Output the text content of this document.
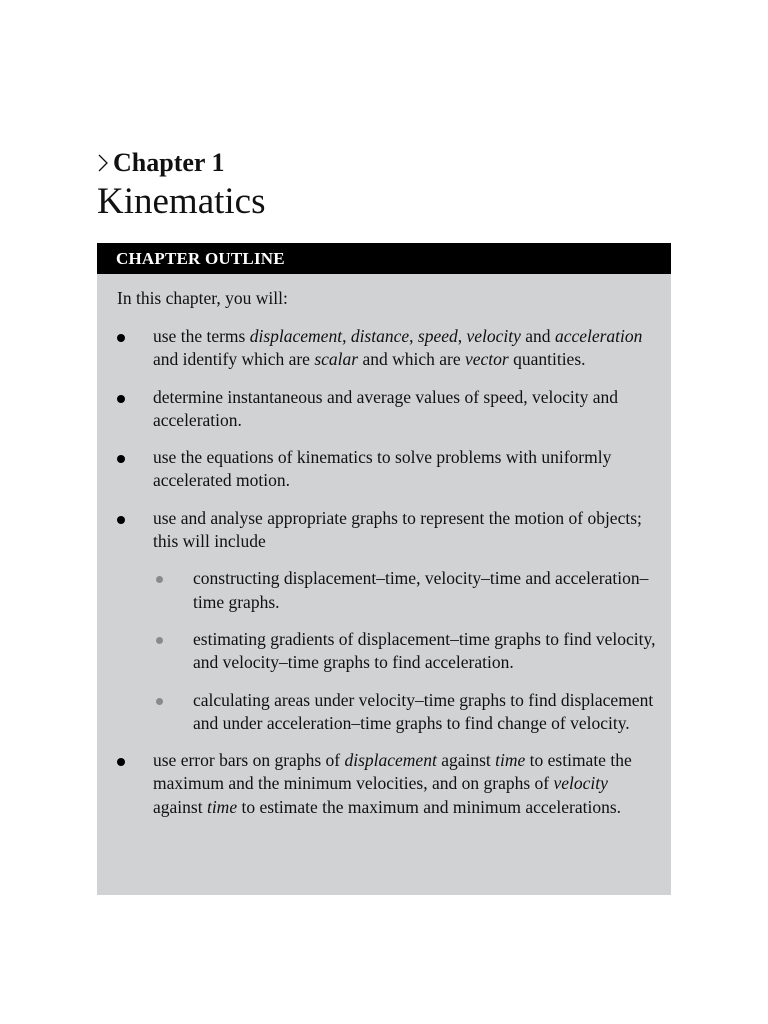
Chapter 1
Kinematics
CHAPTER OUTLINE
In this chapter, you will:
use the terms displacement, distance, speed, velocity and acceleration and identify which are scalar and which are vector quantities.
determine instantaneous and average values of speed, velocity and acceleration.
use the equations of kinematics to solve problems with uniformly accelerated motion.
use and analyse appropriate graphs to represent the motion of objects; this will include
constructing displacement–time, velocity–time and acceleration–time graphs.
estimating gradients of displacement–time graphs to find velocity, and velocity–time graphs to find acceleration.
calculating areas under velocity–time graphs to find displacement and under acceleration–time graphs to find change of velocity.
use error bars on graphs of displacement against time to estimate the maximum and the minimum velocities, and on graphs of velocity against time to estimate the maximum and minimum accelerations.
